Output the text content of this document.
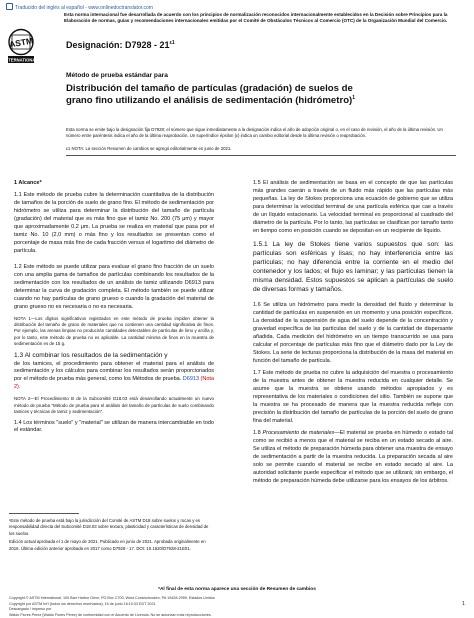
Traducido del inglés al español - www.onlinedoctranslator.com
Esta norma internacional fue desarrollada de acuerdo con los principios de normalización reconocidos internacionalmente establecidos en la Decisión sobre Principios para la Elaboración de normas, guías y recomendaciones internacionales emitidas por el Comité de Obstáculos Técnicos al Comercio (OTC) de la Organización Mundial del Comercio.
ASTM
INTERNATIONAL
Designación: $D7928 - 21^{\varepsilon 1}$
Método de prueba estándar para
Distribución del tamaño de partículas (gradación) de suelos de grano fino utilizando el análisis de sedimentación (hidrómetro)$^1$
Esta norma se emite bajo la designación fija D7928; el número que sigue inmediatamente a la designación indica el año de adopción original o, en el caso de revisión, el año de la última revisión. Un número entre paréntesis indica el año de la última reaprobación. Un superíndice épsilon (ε) indica un cambio editorial desde la última revisión o reaprobación.
ε1 NOTA: La sección Resumen de cambios se agregó editorialmente en junio de 2021.

1 Alcance*

1.1 Este método de prueba cubre la determinación cuantitativa de la distribución de tamaños de la porción de suelo de grano fino. El método de sedimentación por hidrómetro se utiliza para determinar la distribución del tamaño de partícula (gradación) del material que es más fino que el tamiz No. 200 (75 μm) y mayor que aproximadamente 0,2 μm. La prueba se realiza en material que pasa por el tamiz No. 10 (2,0 mm) o más fino y los resultados se presentan como el porcentaje de masa más fino de cada fracción versus el logaritmo del diámetro de partícula.

1.2 Este método se puede utilizar para evaluar el grano fino fracción de un suelo con una amplia gama de tamaños de partículas combinando los resultados de la sedimentación con los resultados de un análisis de tamiz utilizando D6913 para determinar la curva de gradación completa. El método también se puede utilizar cuando no hay partículas de grano grueso o cuando la gradación del material de grano grueso no es necesaria o no es necesaria.

NOTA 1—Los dígitos significativos registrados en este método de prueba impiden obtener la distribución del tamaño de grano de materiales que no contienen una cantidad significativa de finos. Por ejemplo, las arenas limpias no producirán cantidades detectables de partículas de limo y arcilla y, por lo tanto, este método de prueba no es aplicable. La cantidad mínima de finos en la muestra de sedimentación es de 15 g.

1.3 Al combinar los resultados de la sedimentación y

de los tamices, el procedimiento para obtener el material para el análisis de sedimentación y los cálculos para combinar los resultados serán proporcionados por el método de prueba más general, como los Métodos de prueba. D6913 (Nota 2).

NOTA 2—El Procedimiento B de la Subcomitté D18.03 está desarrollando actualmente un nuevo método de prueba "Método de prueba para el análisis del tamaño de partículas de suelo combinando tamices y técnicas de tamiz y sedimentación".

1.4 Los términos "suelo" y "material" se utilizan de manera intercambiable en todo el estándar.

¹Este método de prueba está bajo la jurisdicción del Comité de ASTM D18 sobre suelos y rocas y es responsabilidad directa del Subcomité D18.03 sobre textura, plasticidad y características de densidad de los suelos.

Edición actual aprobada el 1 de mayo de 2021. Publicado en junio de 2021. Aprobada originalmente en 2016. Última edición anterior aprobada en 2017 como D7928 - 17. DOI: 10.1520/D7928-21E01.

1.5 El análisis de sedimentación se basa en el concepto de que las partículas más grandes caerán a través de un fluido más rápido que las partículas más pequeñas. La ley de Stokes proporciona una ecuación de gobierno que se utiliza para determinar la velocidad terminal de una partícula esférica que cae a través de un líquido estacionario. La velocidad terminal es proporcional al cuadrado del diámetro de la partícula. Por lo tanto, las partículas se clasifican por tamaño tanto en tiempo como en posición cuando se depositan en un recipiente de líquido.

1.5.1 La ley de Stokes tiene varios supuestos que son: las partículas son esféricas y lisas; no hay interferencia entre las partículas; no hay diferencia entre la corriente en el medio del contenedor y los lados; el flujo es laminar; y las partículas tienen la misma densidad. Estos supuestos se aplican a partículas de suelo de diversas formas y tamaños.

1.6 Se utiliza un hidrómetro para medir la densidad del fluido y determinar la cantidad de partículas en suspensión en un momento y una posición específicos. La densidad de la suspensión de agua del suelo depende de la concentración y gravedad específica de las partículas del suelo y de la cantidad de dispersante añadida. Cada medición del hidrómetro en un tiempo transcurrido se usa para calcular el porcentaje de partículas más fino que el diámetro dado por la Ley de Stokes. La serie de lecturas proporciona la distribución de la masa del material en función del tamaño de partícula.

1.7 Este método de prueba no cubre la adquisición del muestra o procesamiento de la muestra antes de obtener la muestra reducida en cualquier detalle. Se asume que la muestra se obtiene usando métodos apropiados y es representativa de los materiales o condiciones del sitio. También se supone que la muestra se ha procesado de manera que la muestra reducida refleje con precisión la distribución del tamaño de partículas de la porción del suelo de grano fina del material.

1.8 Procesamiento de materiales—El material se prueba en húmedo o estado tal como se recibió a menos que el material se reciba en un estado secado al aire. Se utiliza el método de preparación húmeda para obtener una muestra de ensayo de sedimentación a partir de la muestra reducida. La preparación secada al aire solo se permite cuando el material se recibe en estado secado al aire. La autoridad solicitante puede especificar el método que se utilizará; sin embargo, el método de preparación húmeda debe utilizarse para los ensayos de los árbitros.

*Al final de esta norma aparece una sección de Resumen de cambios
Copyright © ASTM International, 100 Barr Harbor Drive, PO Box C700, West Conshohocken, PA 19428-2959. Estados Unidos
Copyright por ASTM Int'l (todos los derechos reservados); 15 de junio 16:10:33 EDT 2021
Descargado / impreso por
Waldo Flores Perez (Waldo Flores Perez) de conformidad con el Acuerdo de Licencia. No se autorizan más reproducciones.
1
